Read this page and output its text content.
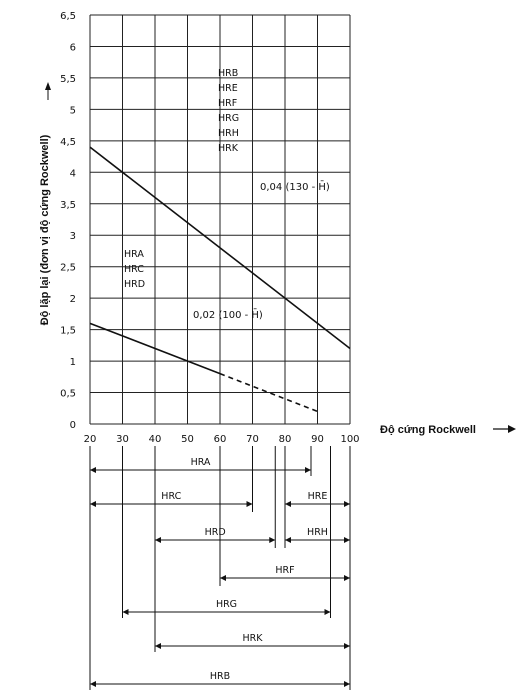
0
0,5
1
1,5
2
2,5
3
3,5
4
4,5
5
5,5
6
6,5
20 30 40 50 60 70 80 90 100
HRB
HRE
HRF
HRG
HRH
HRK
HRA
HRC
HRD
0,04 (130 - H̄)
0,02 (100 - H̄)
HRA
HRC	HRE
HRD	HRH
HRF
HRG
HRK
HRB
Độ lặp lại (đơn vị độ cứng Rockwell)
Độ cứng Rockwell
